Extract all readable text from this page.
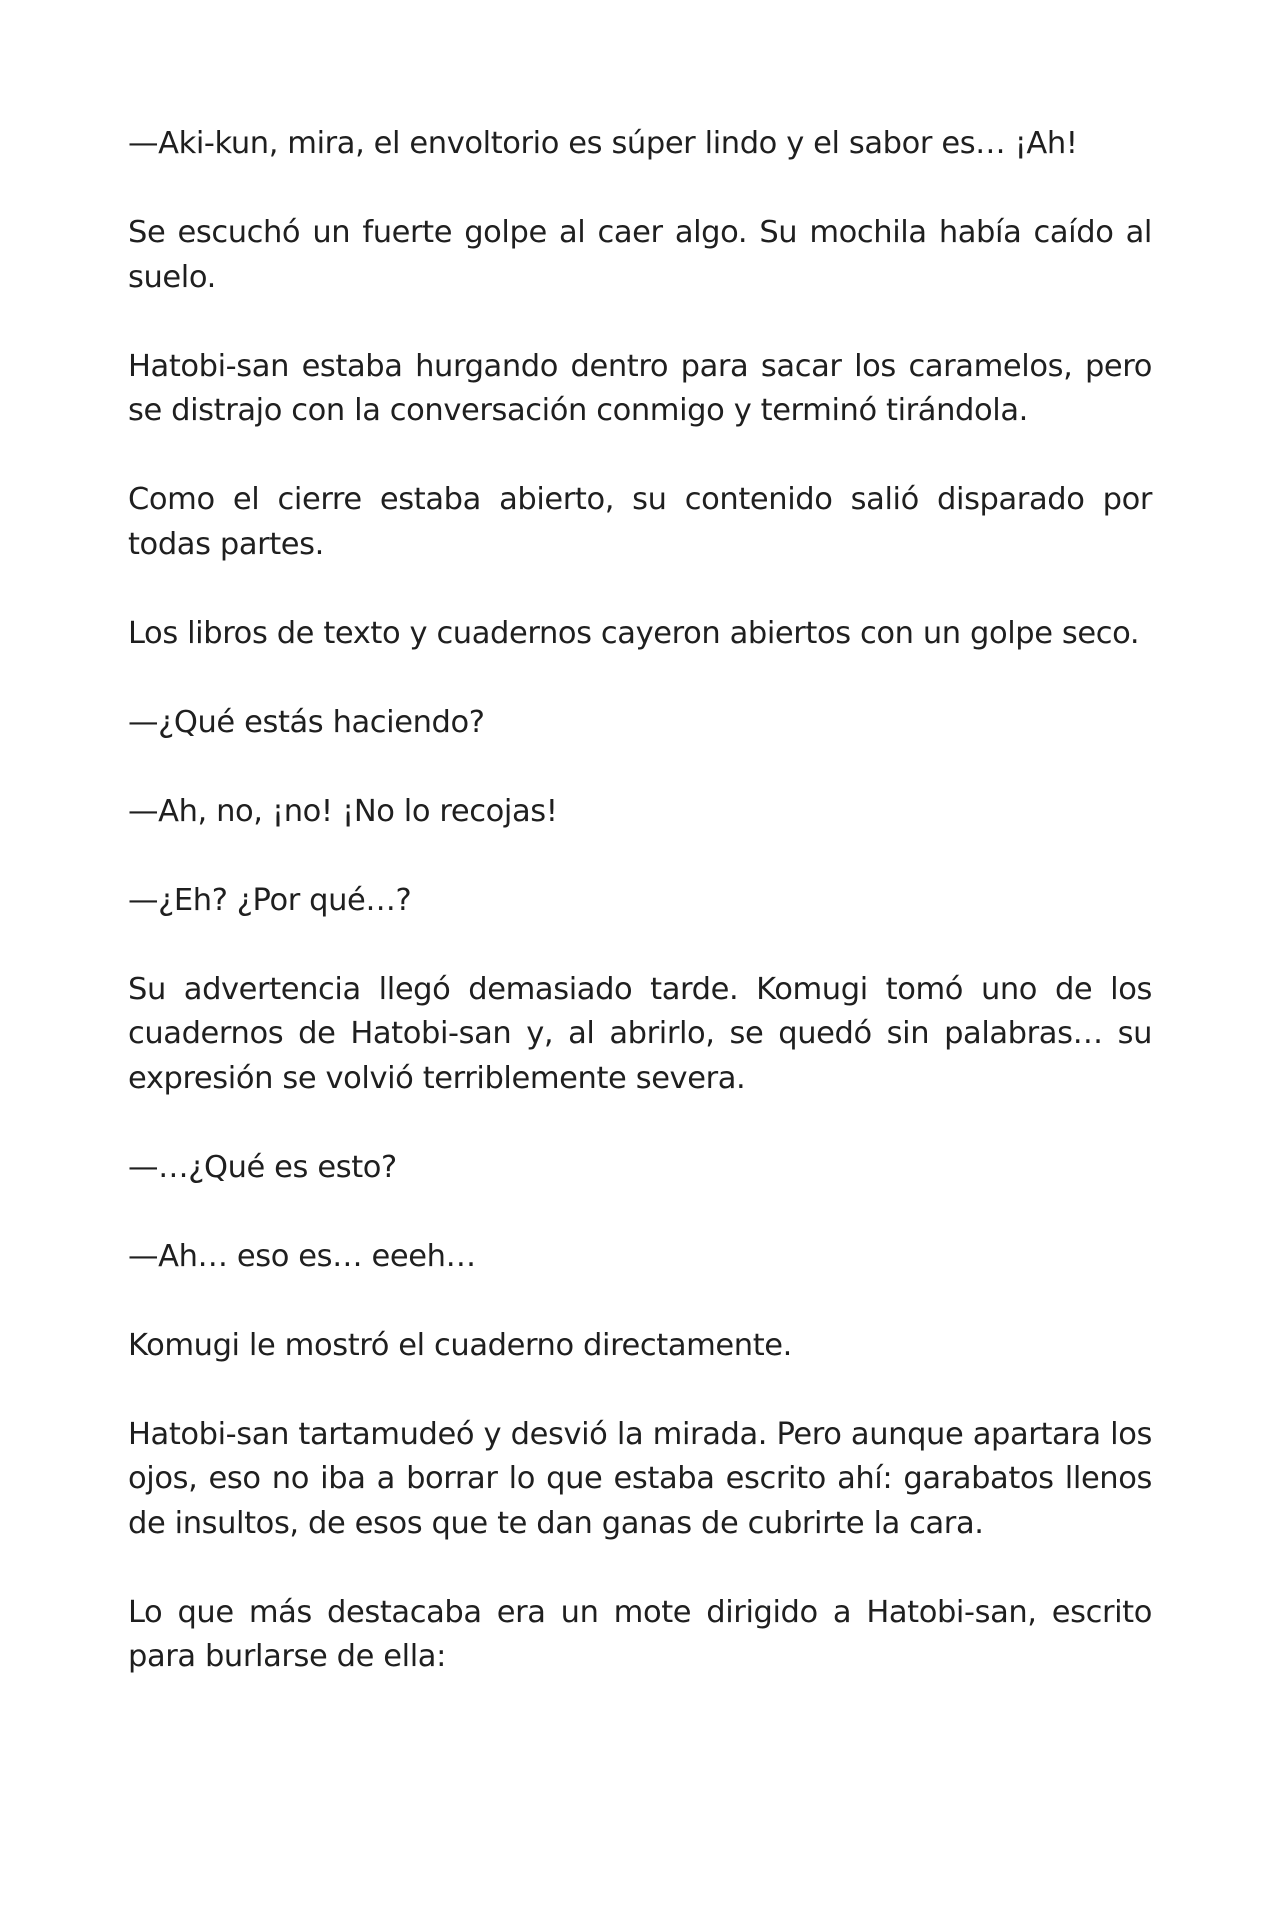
—Aki-kun, mira, el envoltorio es súper lindo y el sabor es… ¡Ah!

Se escuchó un fuerte golpe al caer algo. Su mochila había caído al suelo.

Hatobi-san estaba hurgando dentro para sacar los caramelos, pero se distrajo con la conversación conmigo y terminó tirándola.

Como el cierre estaba abierto, su contenido salió disparado por todas partes.

Los libros de texto y cuadernos cayeron abiertos con un golpe seco.

—¿Qué estás haciendo?

—Ah, no, ¡no! ¡No lo recojas!

—¿Eh? ¿Por qué…?

Su advertencia llegó demasiado tarde. Komugi tomó uno de los cuadernos de Hatobi-san y, al abrirlo, se quedó sin palabras… su expresión se volvió terriblemente severa.

—…¿Qué es esto?

—Ah… eso es… eeeh…

Komugi le mostró el cuaderno directamente.

Hatobi-san tartamudeó y desvió la mirada. Pero aunque apartara los ojos, eso no iba a borrar lo que estaba escrito ahí: garabatos llenos de insultos, de esos que te dan ganas de cubrirte la cara.

Lo que más destacaba era un mote dirigido a Hatobi-san, escrito para burlarse de ella:
